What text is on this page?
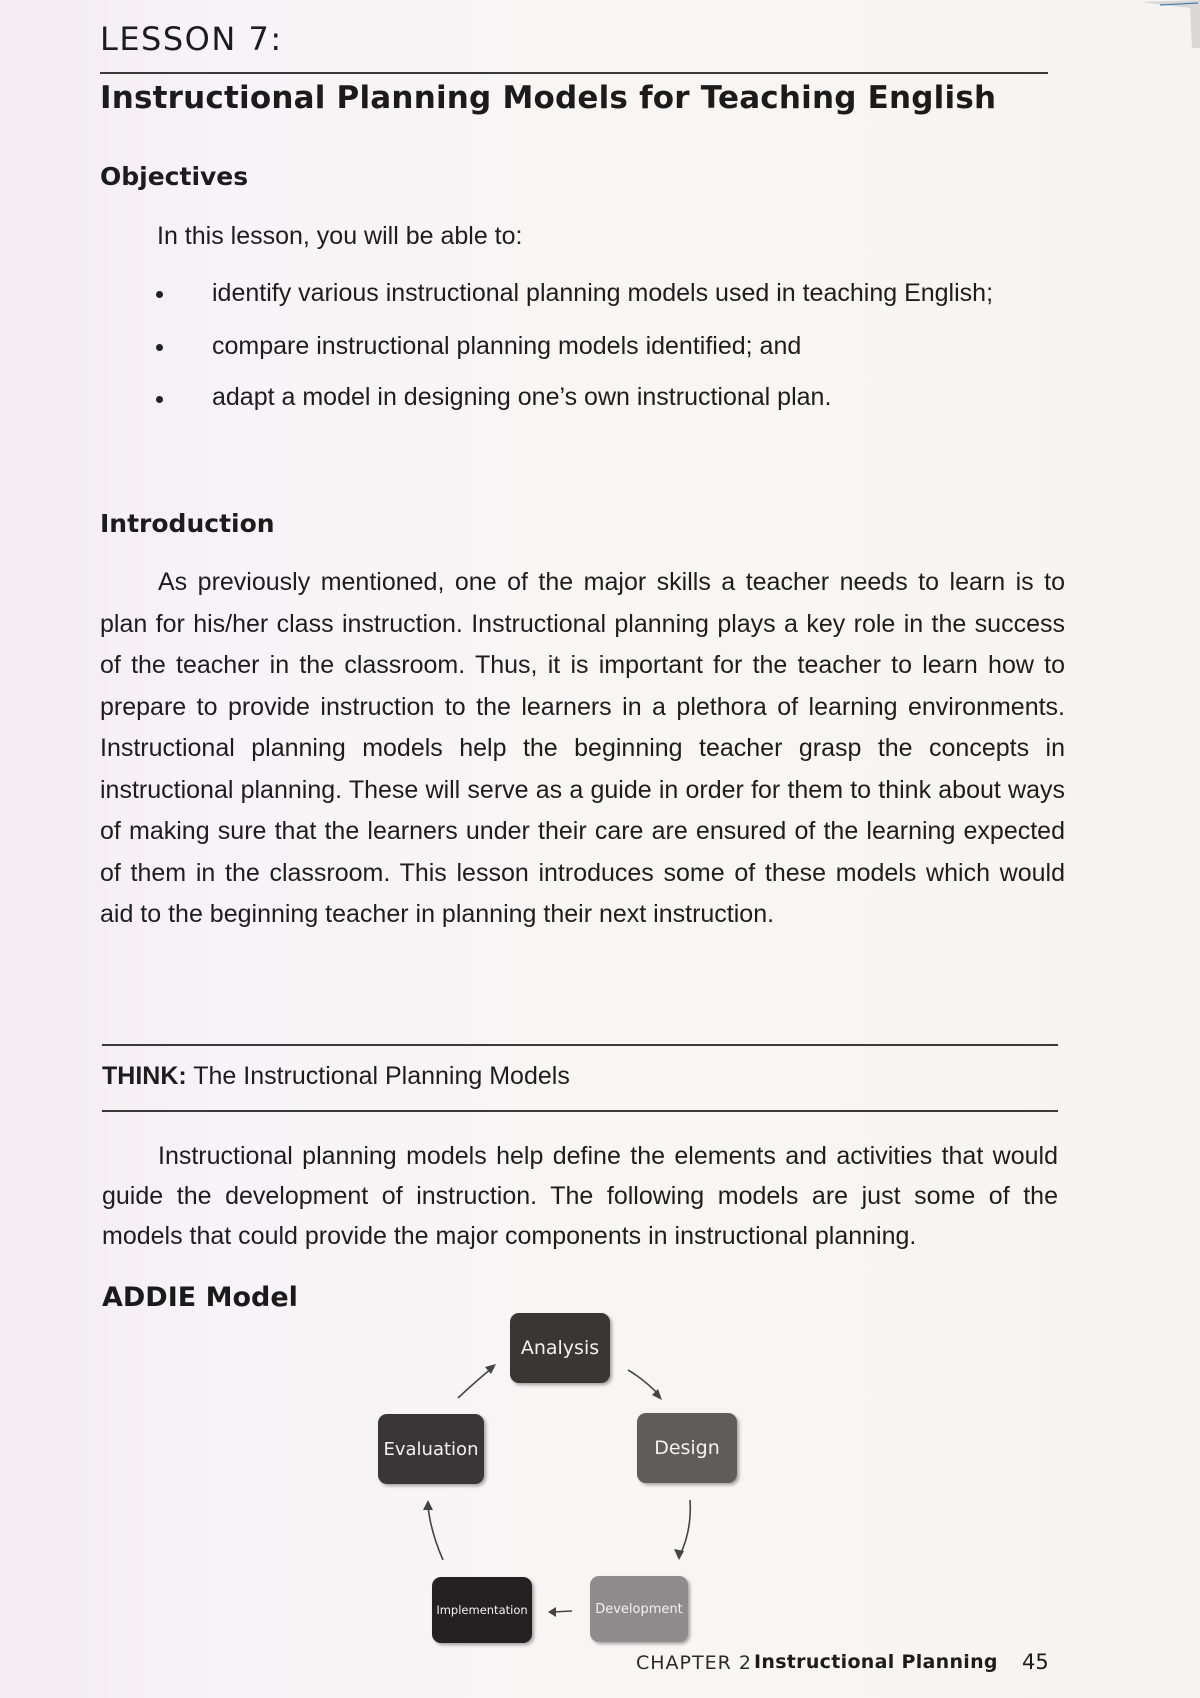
LESSON 7:
Instructional Planning Models for Teaching English
Objectives
In this lesson, you will be able to:
identify various instructional planning models used in teaching English;
compare instructional planning models identified; and
adapt a model in designing one’s own instructional plan.
Introduction
As previously mentioned, one of the major skills a teacher needs to learn is to plan for his/her class instruction. Instructional planning plays a key role in the success of the teacher in the classroom. Thus, it is important for the teacher to learn how to prepare to provide instruction to the learners in a plethora of learning environments. Instructional planning models help the beginning teacher grasp the concepts in instructional planning. These will serve as a guide in order for them to think about ways of making sure that the learners under their care are ensured of the learning expected of them in the classroom. This lesson introduces some of these models which would aid to the beginning teacher in planning their next instruction.
THINK: The Instructional Planning Models
Instructional planning models help define the elements and activities that would guide the development of instruction. The following models are just some of the models that could provide the major components in instructional planning.
ADDIE Model
Analysis
Design
Development
Implementation
Evaluation
CHAPTER 2 Instructional Planning 45
